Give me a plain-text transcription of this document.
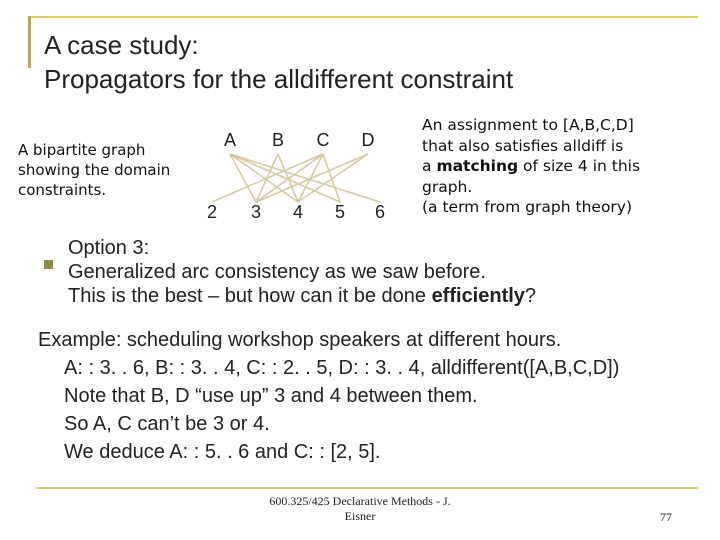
A case study:
Propagators for the alldifferent constraint
A bipartite graph
showing the domain
constraints.
A B C D
2 3 4 5 6
An assignment to [A,B,C,D]
that also satisfies alldiff is
a matching of size 4 in this
graph.
(a term from graph theory)
Option 3:
Generalized arc consistency as we saw before.
This is the best – but how can it be done efficiently?
Example: scheduling workshop speakers at different hours.
A: : 3. . 6, B: : 3. . 4, C: : 2. . 5, D: : 3. . 4, alldifferent([A,B,C,D])
Note that B, D “use up” 3 and 4 between them.
So A, C can’t be 3 or 4.
We deduce A: : 5. . 6 and C: : [2, 5].
600.325/425 Declarative Methods - J.
Eisner	77
